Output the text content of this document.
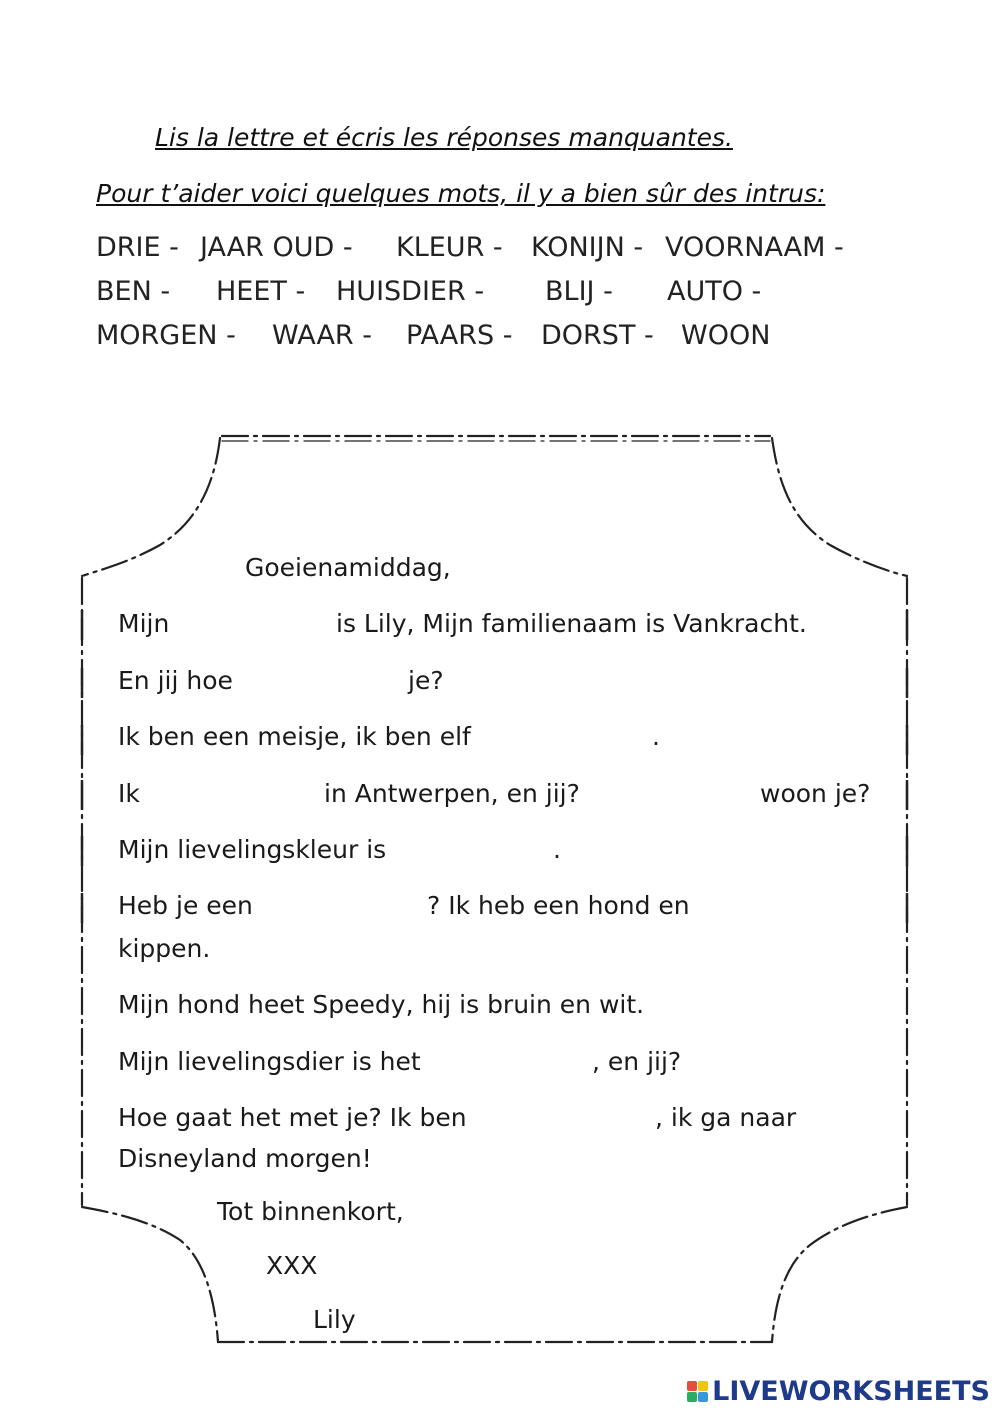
Lis la lettre et écris les réponses manquantes.
Pour t’aider voici quelques mots, il y a bien sûr des intrus:
DRIE - JAAR OUD - KLEUR - KONIJN - VOORNAAM -
BEN - HEET - HUISDIER - BLIJ - AUTO -
MORGEN - WAAR - PAARS - DORST - WOON
Goeienamiddag,
Mijn	is Lily, Mijn familienaam is Vankracht.
En jij hoe	je?
Ik ben een meisje, ik ben elf	.
Ik	in Antwerpen, en jij?	woon je?
Mijn lievelingskleur is	.
Heb je een	? Ik heb een hond en
kippen.
Mijn hond heet Speedy, hij is bruin en wit.
Mijn lievelingsdier is het	, en jij?
Hoe gaat het met je? Ik ben	, ik ga naar
Disneyland morgen!
Tot binnenkort,
XXX
Lily
LIVEWORKSHEETS
